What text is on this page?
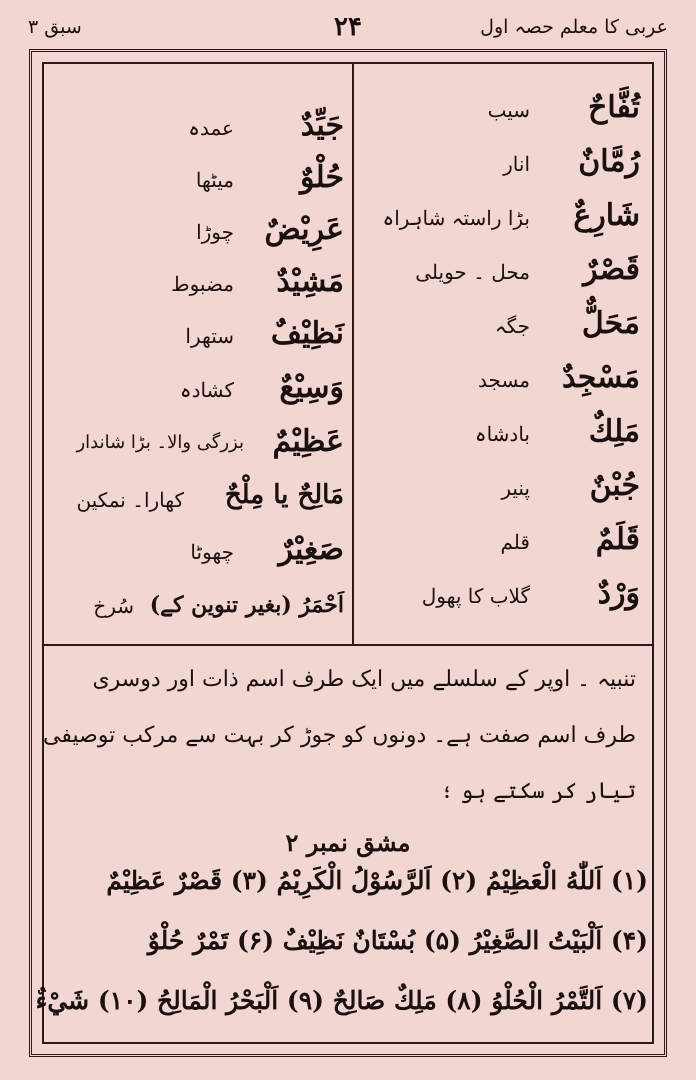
عربی کا معلم حصہ اول
۲۴
سبق ۳
تُفَّاحٌ
سیب
رُمَّانٌ
انار
شَارِعٌ
بڑا راستہ شاہراہ
قَصْرٌ
محل ۔ حویلی
مَحَلٌّ
جگہ
مَسْجِدٌ
مسجد
مَلِكٌ
بادشاہ
جُبْنٌ
پنیر
قَلَمٌ
قلم
وَرْدٌ
گلاب کا پھول
جَيِّدٌ
عمدہ
حُلْوٌ
میٹھا
عَرِيْضٌ
چوڑا
مَشِيْدٌ
مضبوط
نَظِيْفٌ
ستھرا
وَسِيْعٌ
کشادہ
عَظِيْمٌ
بزرگی والا۔ بڑا شاندار
مَالِحٌ یا مِلْحٌ
کھارا۔ نمکین
صَغِيْرٌ
چھوٹا
اَحْمَرُ (بغیر تنوین کے)
سُرخ
تنبیہ ۔ اوپر کے سلسلے میں ایک طرف اسم ذات اور دوسری
طرف اسم صفت ہے۔ دونوں کو جوڑ کر بہت سے مرکب توصیفی
تیار کر سکتے ہو ؛
مشق نمبر ۲
(۱) اَللّٰهُ الْعَظِيْمُ (۲) اَلرَّسُوْلُ الْكَرِيْمُ (۳) قَصْرٌ عَظِيْمٌ
(۴) اَلْبَيْتُ الصَّغِيْرُ (۵) بُسْتَانٌ نَظِيْفٌ (۶) تَمْرٌ حُلْوٌ
(۷) اَلتَّمْرُ الْحُلْوُ (۸) مَلِكٌ صَالِحٌ (۹) اَلْبَحْرُ الْمَالِحُ (۱۰) شَيْءٌ
